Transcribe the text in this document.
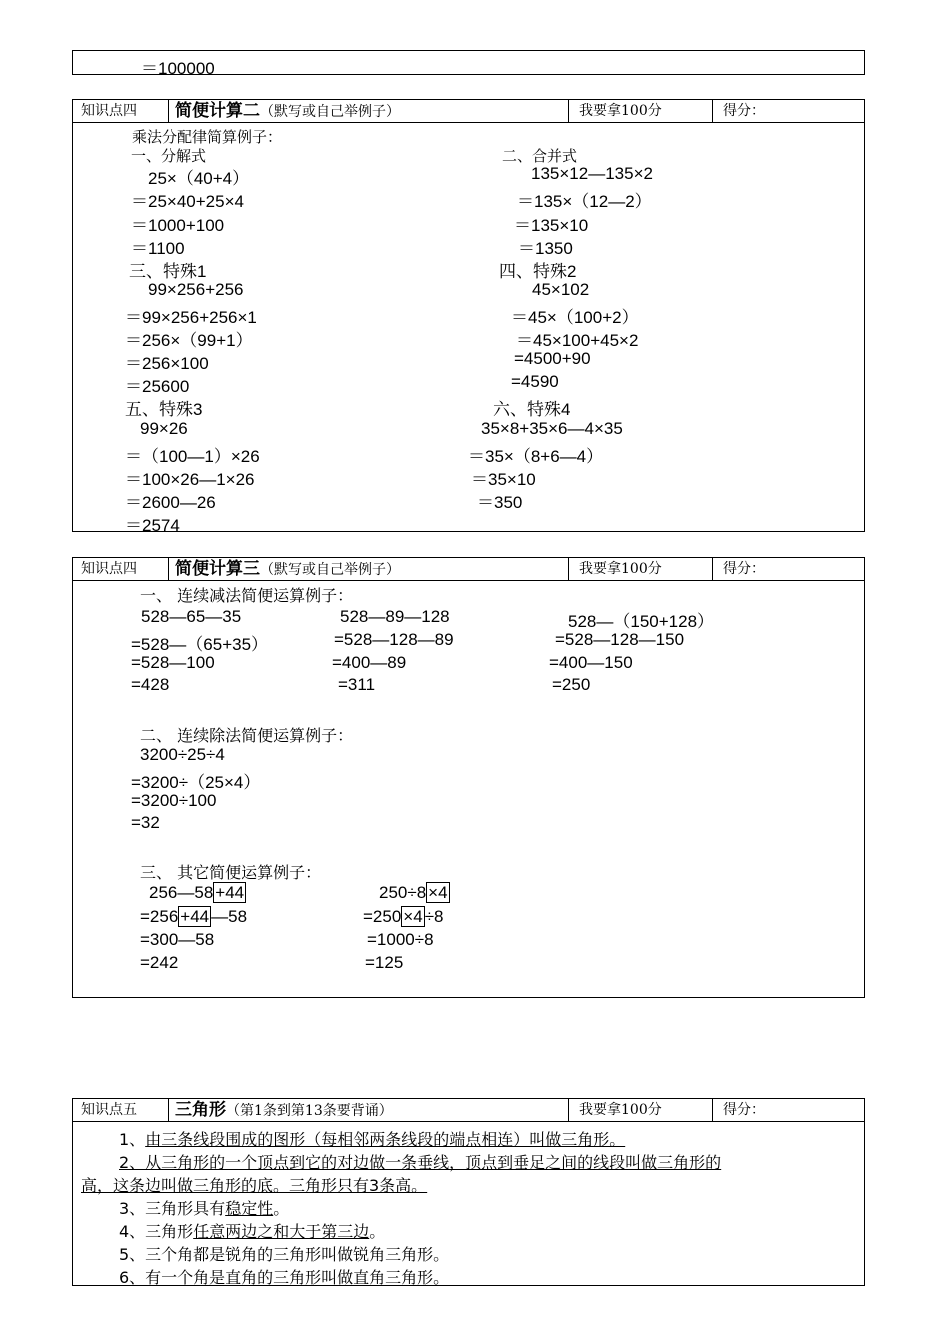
＝100000
知识点四	简便计算二（默写或自己举例子）	我要拿100分	得分：
乘法分配律简算例子：
一、分解式
25×（40+4）
＝25×40+25×4
＝1000+100
＝1100
二、合并式
135×12—135×2
＝135×（12—2）
＝135×10
＝1350
三、特殊1
99×256+256
＝99×256+256×1
＝256×（99+1）
＝256×100
＝25600
四、特殊2
45×102
＝45×（100+2）
＝45×100+45×2
=4500+90
=4590
五、特殊3
99×26
＝（100—1）×26
＝100×26—1×26
＝2600—26
＝2574
六、特殊4
35×8+35×6—4×35
＝35×（8+6—4）
＝35×10
＝350
知识点四	简便计算三（默写或自己举例子）	我要拿100分	得分：
一、 连续减法简便运算例子：
528—65—35
=528—（65+35）
=528—100
=428
528—89—128
=528—128—89
=400—89
=311
528—（150+128）
=528—128—150
=400—150
=250
二、 连续除法简便运算例子：
3200÷25÷4
=3200÷（25×4）
=3200÷100
=32
三、 其它简便运算例子：
256—58 +44
=256 +44 —58
=300—58
=242
250÷8 ×4
=250 ×4 ÷8
=1000÷8
=125
知识点五	三角形（第1条到第13条要背诵）	我要拿100分	得分：
1、由三条线段围成的图形（每相邻两条线段的端点相连）叫做三角形。
2、从三角形的一个顶点到它的对边做一条垂线，顶点到垂足之间的线段叫做三角形的
高，这条边叫做三角形的底。三角形只有3条高。
3、三角形具有稳定性。
4、三角形任意两边之和大于第三边。
5、三个角都是锐角的三角形叫做锐角三角形。
6、有一个角是直角的三角形叫做直角三角形。
